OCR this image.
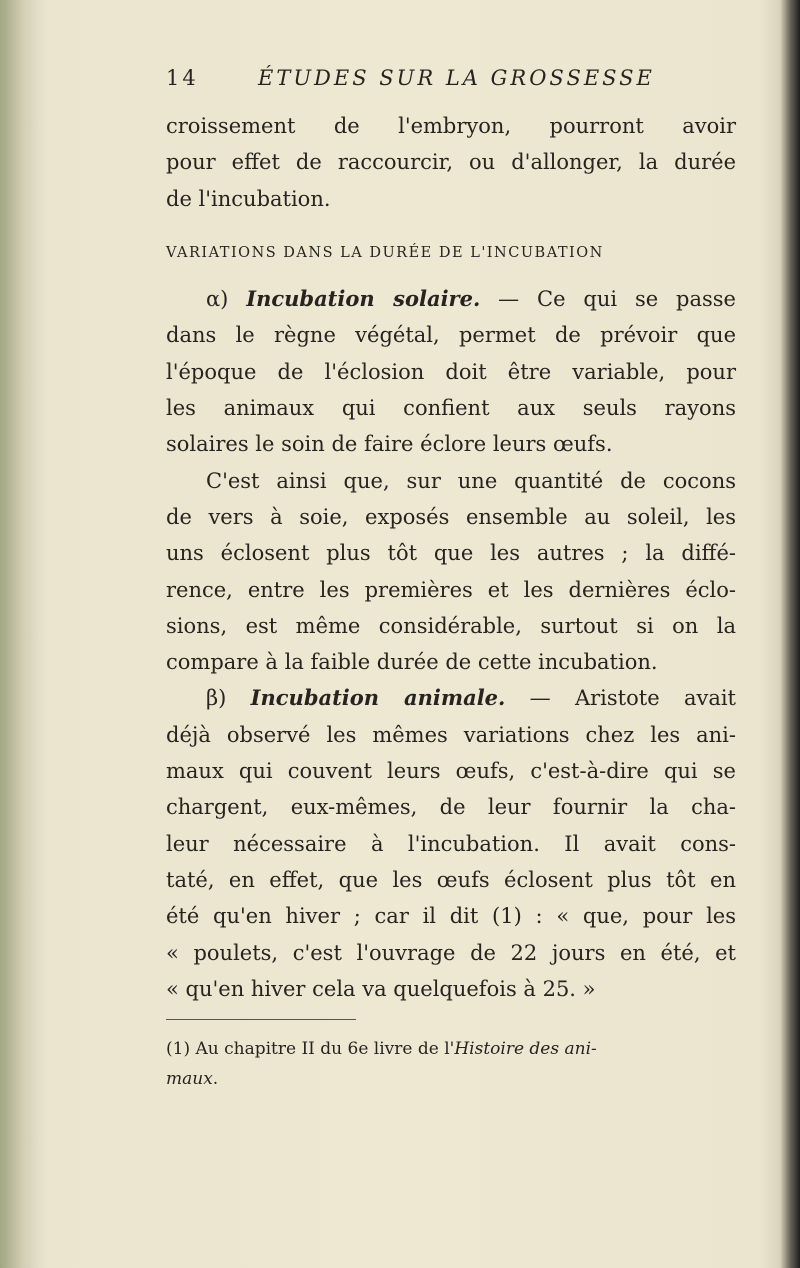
14	ÉTUDES SUR LA GROSSESSE
croissement de l'embryon, pourront avoir
pour effet de raccourcir, ou d'allonger, la durée
de l'incubation.
VARIATIONS DANS LA DURÉE DE L'INCUBATION
α) Incubation solaire. — Ce qui se passe
dans le règne végétal, permet de prévoir que
l'époque de l'éclosion doit être variable, pour
les animaux qui confient aux seuls rayons
solaires le soin de faire éclore leurs œufs.
C'est ainsi que, sur une quantité de cocons
de vers à soie, exposés ensemble au soleil, les
uns éclosent plus tôt que les autres ; la diffé-
rence, entre les premières et les dernières éclo-
sions, est même considérable, surtout si on la
compare à la faible durée de cette incubation.
β) Incubation animale. — Aristote avait
déjà observé les mêmes variations chez les ani-
maux qui couvent leurs œufs, c'est-à-dire qui se
chargent, eux-mêmes, de leur fournir la cha-
leur nécessaire à l'incubation. Il avait cons-
taté, en effet, que les œufs éclosent plus tôt en
été qu'en hiver ; car il dit (1) : « que, pour les
« poulets, c'est l'ouvrage de 22 jours en été, et
« qu'en hiver cela va quelquefois à 25. »
(1) Au chapitre II du 6e livre de l'Histoire des ani-
maux.
